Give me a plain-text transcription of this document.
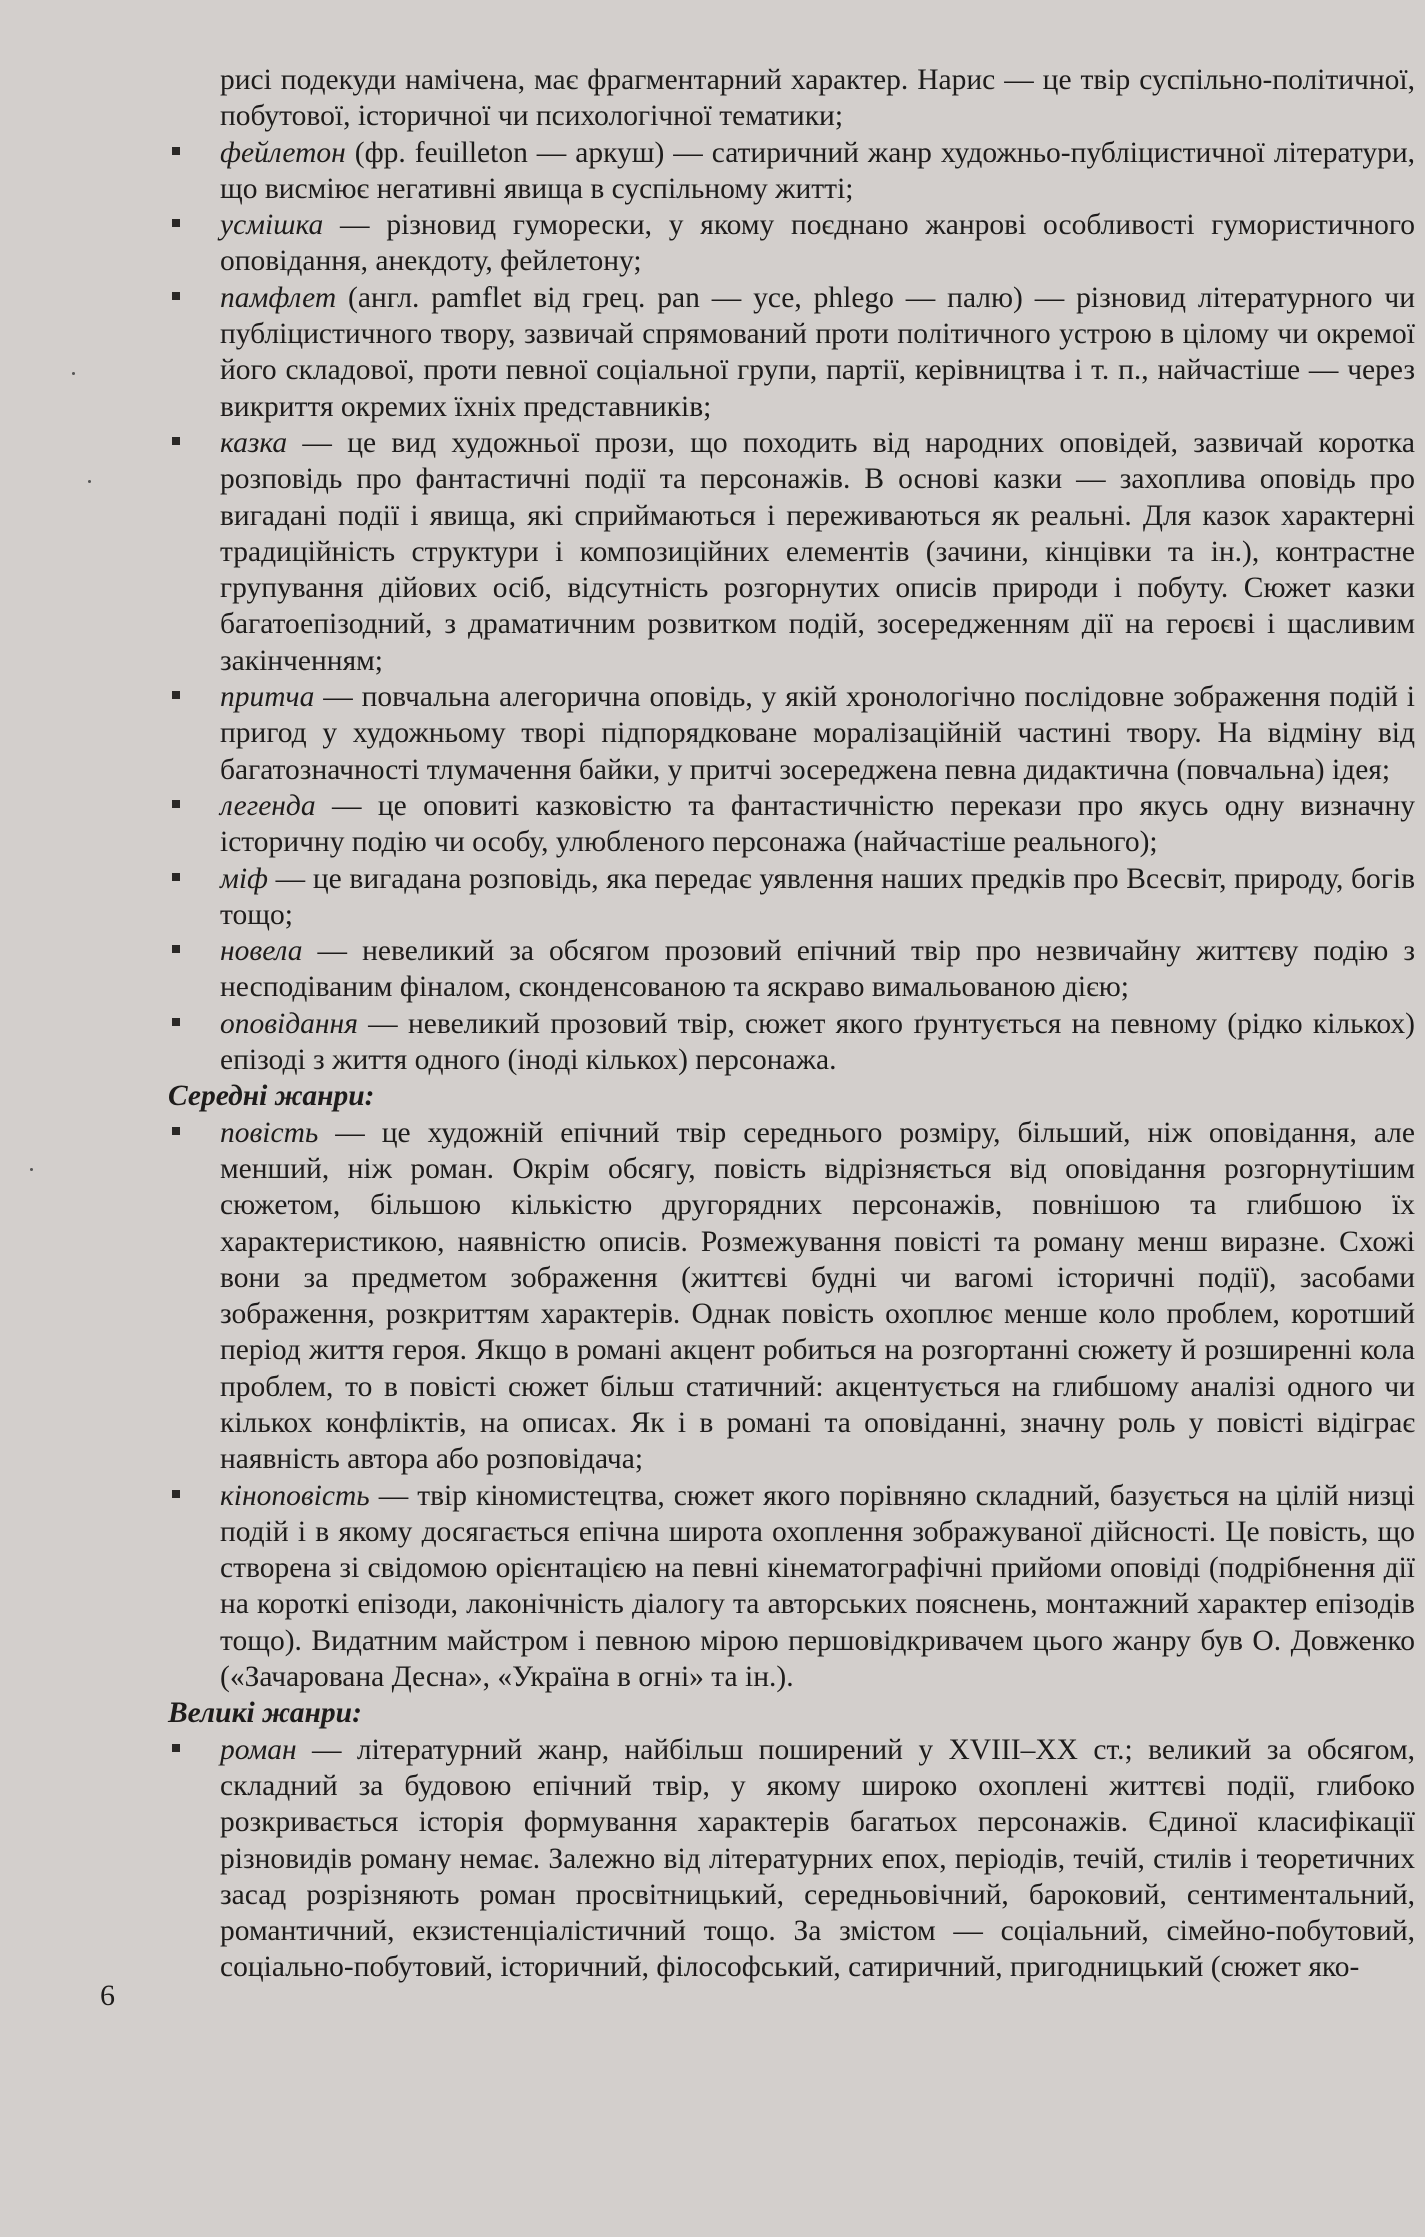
рисі подекуди намічена, має фрагментарний характер. Нарис — це твір суспільно-політичної, побутової, історичної чи психологічної тематики;

фейлетон (фр. feuilleton — аркуш) — сатиричний жанр художньо-публіцистичної літератури, що висміює негативні явища в суспільному житті;

усмішка — різновид гуморески, у якому поєднано жанрові особливості гумористичного оповідання, анекдоту, фейлетону;

памфлет (англ. pamflet від грец. pan — усе, phlego — палю) — різновид літературного чи публіцистичного твору, зазвичай спрямований проти політичного устрою в цілому чи окремої його складової, проти певної соціальної групи, партії, керівництва і т. п., найчастіше — через викриття окремих їхніх представників;

казка — це вид художньої прози, що походить від народних оповідей, зазвичай коротка розповідь про фантастичні події та персонажів. В основі казки — захоплива оповідь про вигадані події і явища, які сприймаються і переживаються як реальні. Для казок характерні традиційність структури і композиційних елементів (зачини, кінцівки та ін.), контрастне групування дійових осіб, відсутність розгорнутих описів природи і побуту. Сюжет казки багатоепізодний, з драматичним розвитком подій, зосередженням дії на героєві і щасливим закінченням;

притча — повчальна алегорична оповідь, у якій хронологічно послідовне зображення подій і пригод у художньому творі підпорядковане моралізаційній частині твору. На відміну від багатозначності тлумачення байки, у притчі зосереджена певна дидактична (повчальна) ідея;

легенда — це оповиті казковістю та фантастичністю перекази про якусь одну визначну історичну подію чи особу, улюбленого персонажа (найчастіше реального);

міф — це вигадана розповідь, яка передає уявлення наших предків про Всесвіт, природу, богів тощо;

новела — невеликий за обсягом прозовий епічний твір про незвичайну життєву подію з несподіваним фіналом, сконденсованою та яскраво вимальованою дією;

оповідання — невеликий прозовий твір, сюжет якого ґрунтується на певному (рідко кількох) епізоді з життя одного (іноді кількох) персонажа.

Середні жанри:

повість — це художній епічний твір середнього розміру, більший, ніж оповідання, але менший, ніж роман. Окрім обсягу, повість відрізняється від оповідання розгорнутішим сюжетом, більшою кількістю другорядних персонажів, повнішою та глибшою їх характеристикою, наявністю описів. Розмежування повісті та роману менш виразне. Схожі вони за предметом зображення (життєві будні чи вагомі історичні події), засобами зображення, розкриттям характерів. Однак повість охоплює менше коло проблем, коротший період життя героя. Якщо в романі акцент робиться на розгортанні сюжету й розширенні кола проблем, то в повісті сюжет більш статичний: акцентується на глибшому аналізі одного чи кількох конфліктів, на описах. Як і в романі та оповіданні, значну роль у повісті відіграє наявність автора або розповідача;

кіноповість — твір кіномистецтва, сюжет якого порівняно складний, базується на цілій низці подій і в якому досягається епічна широта охоплення зображуваної дійсності. Це повість, що створена зі свідомою орієнтацією на певні кінематографічні прийоми оповіді (подрібнення дії на короткі епізоди, лаконічність діалогу та авторських пояснень, монтажний характер епізодів тощо). Видатним майстром і певною мірою першовідкривачем цього жанру був О. Довженко («Зачарована Десна», «Україна в огні» та ін.).

Великі жанри:

роман — літературний жанр, найбільш поширений у XVIII–XX ст.; великий за обсягом, складний за будовою епічний твір, у якому широко охоплені життєві події, глибоко розкривається історія формування характерів багатьох персонажів. Єдиної класифікації різновидів роману немає. Залежно від літературних епох, періодів, течій, стилів і теоретичних засад розрізняють роман просвітницький, середньовічний, бароковий, сентиментальний, романтичний, екзистенціалістичний тощо. За змістом — соціальний, сімейно-побутовий, соціально-побутовий, історичний, філософський, сатиричний, пригодницький (сюжет яко-

6
